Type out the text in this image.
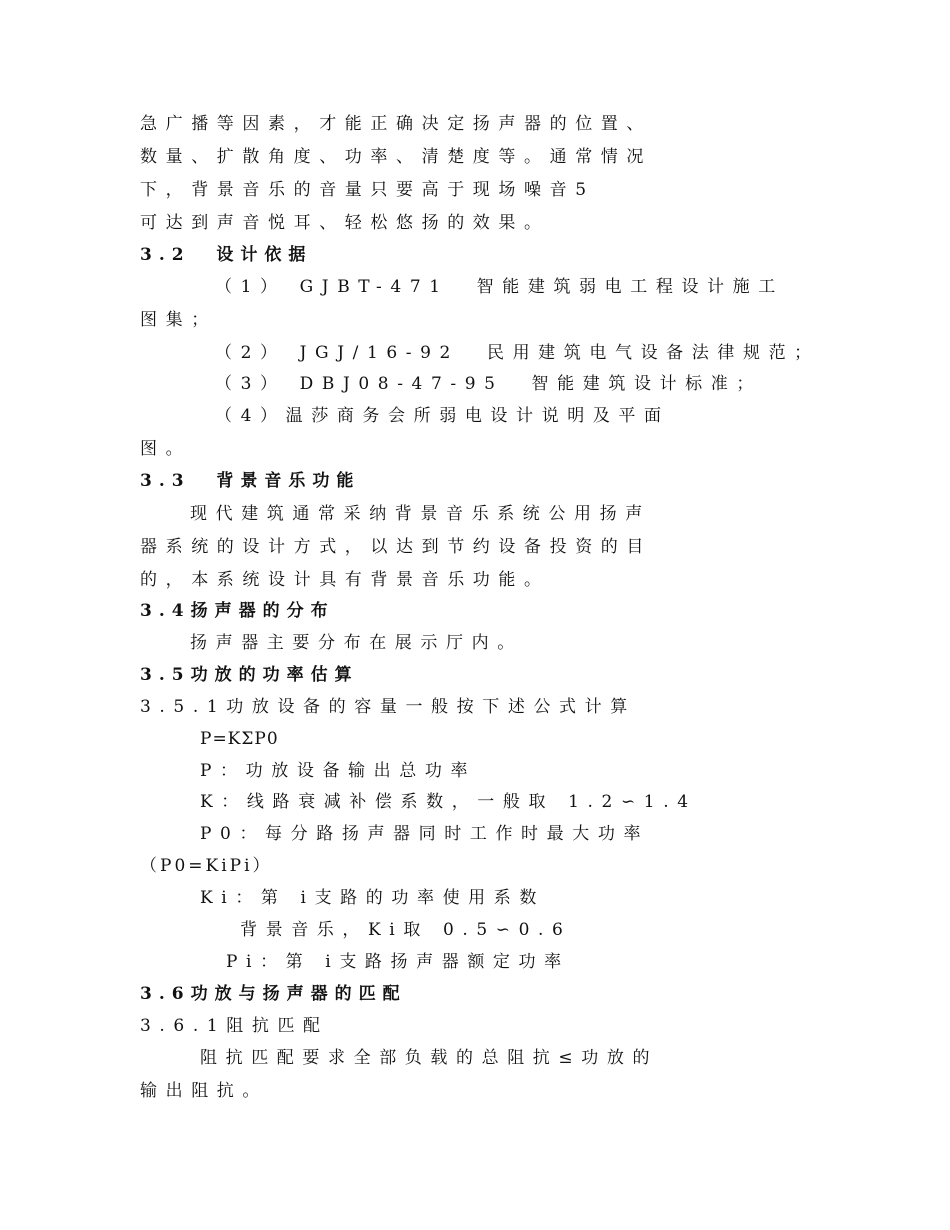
急广播等因素，才能正确决定扬声器的位置、
数量、扩散角度、功率、清楚度等。通常情况
下，背景音乐的音量只要高于现场噪音5
可达到声音悦耳、轻松悠扬的效果。
3.2  设计依据
（1） GJBT-471  智能建筑弱电工程设计施工
图集；
（2） JGJ/16-92  民用建筑电气设备法律规范；
（3） DBJ08-47-95  智能建筑设计标准；
（4）温莎商务会所弱电设计说明及平面
图。
3.3  背景音乐功能
现代建筑通常采纳背景音乐系统公用扬声
器系统的设计方式，以达到节约设备投资的目
的，本系统设计具有背景音乐功能。
3.4扬声器的分布
扬声器主要分布在展示厅内。
3.5功放的功率估算
3.5.1功放设备的容量一般按下述公式计算
P=KΣP0
P：功放设备输出总功率
K：线路衰减补偿系数，一般取 1.2∽1.4
P0：每分路扬声器同时工作时最大功率
（P0=KiPi）
Ki：第 i支路的功率使用系数
背景音乐，Ki取 0.5∽0.6
Pi：第 i支路扬声器额定功率
3.6功放与扬声器的匹配
3.6.1阻抗匹配
阻抗匹配要求全部负载的总阻抗≤功放的
输出阻抗。
